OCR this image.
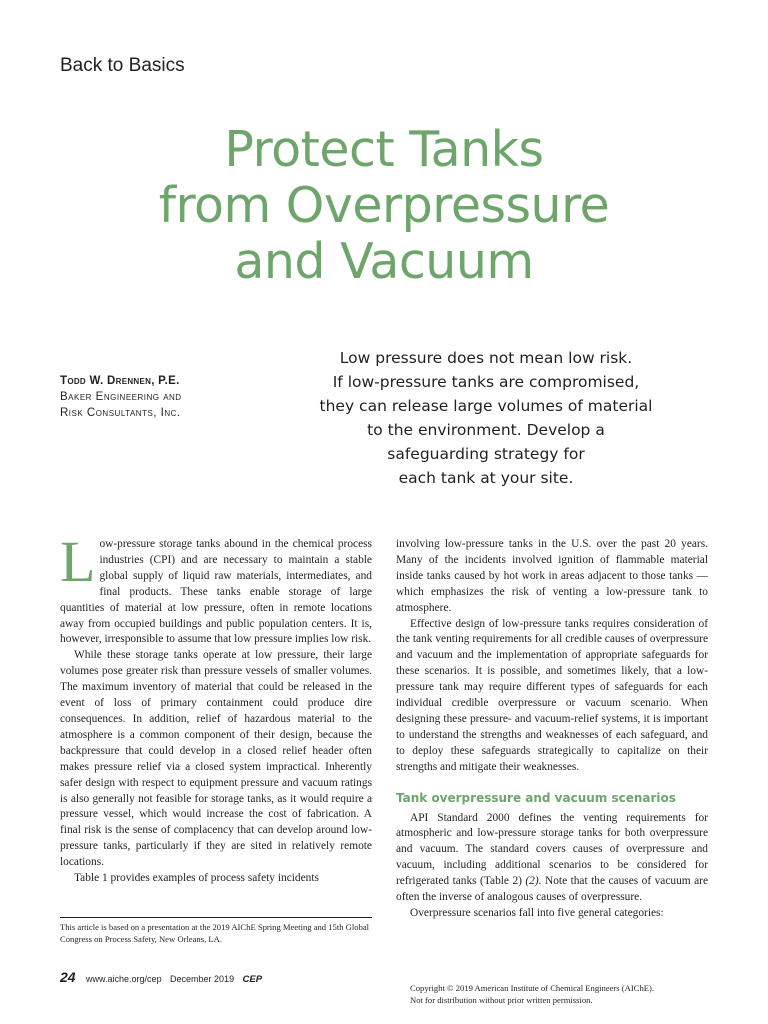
Back to Basics
Protect Tanks
from Overpressure
and Vacuum
Todd W. Drennen, P.E.
Baker Engineering and
Risk Consultants, Inc.
Low pressure does not mean low risk.
If low-pressure tanks are compromised,
they can release large volumes of material
to the environment. Develop a
safeguarding strategy for
each tank at your site.

Low-pressure storage tanks abound in the chemical process industries (CPI) and are necessary to maintain a stable global supply of liquid raw materials, intermediates, and final products. These tanks enable storage of large quantities of material at low pressure, often in remote locations away from occupied buildings and public population centers. It is, however, irresponsible to assume that low pressure implies low risk.

While these storage tanks operate at low pressure, their large volumes pose greater risk than pressure vessels of smaller volumes. The maximum inventory of material that could be released in the event of loss of primary containment could produce dire consequences. In addition, relief of hazardous material to the atmosphere is a common component of their design, because the backpressure that could develop in a closed relief header often makes pressure relief via a closed system impractical. Inherently safer design with respect to equipment pressure and vacuum ratings is also generally not feasible for storage tanks, as it would require a pressure vessel, which would increase the cost of fabrication. A final risk is the sense of complacency that can develop around low-pressure tanks, particularly if they are sited in relatively remote locations.

Table 1 provides examples of process safety incidents

This article is based on a presentation at the 2019 AIChE Spring Meeting and 15th Global Congress on Process Safety, New Orleans, LA.

involving low-pressure tanks in the U.S. over the past 20 years. Many of the incidents involved ignition of flammable material inside tanks caused by hot work in areas adjacent to those tanks — which emphasizes the risk of venting a low-pressure tank to atmosphere.

Effective design of low-pressure tanks requires consideration of the tank venting requirements for all credible causes of overpressure and vacuum and the implementation of appropriate safeguards for these scenarios. It is possible, and sometimes likely, that a low-pressure tank may require different types of safeguards for each individual credible overpressure or vacuum scenario. When designing these pressure- and vacuum-relief systems, it is important to understand the strengths and weaknesses of each safeguard, and to deploy these safeguards strategically to capitalize on their strengths and mitigate their weaknesses.

Tank overpressure and vacuum scenarios

API Standard 2000 defines the venting requirements for atmospheric and low-pressure storage tanks for both overpressure and vacuum. The standard covers causes of overpressure and vacuum, including additional scenarios to be considered for refrigerated tanks (Table 2) (2). Note that the causes of vacuum are often the inverse of analogous causes of overpressure.

Overpressure scenarios fall into five general categories:

24 www.aiche.org/cep December 2019 CEP
Copyright © 2019 American Institute of Chemical Engineers (AIChE).
Not for distribution without prior written permission.
